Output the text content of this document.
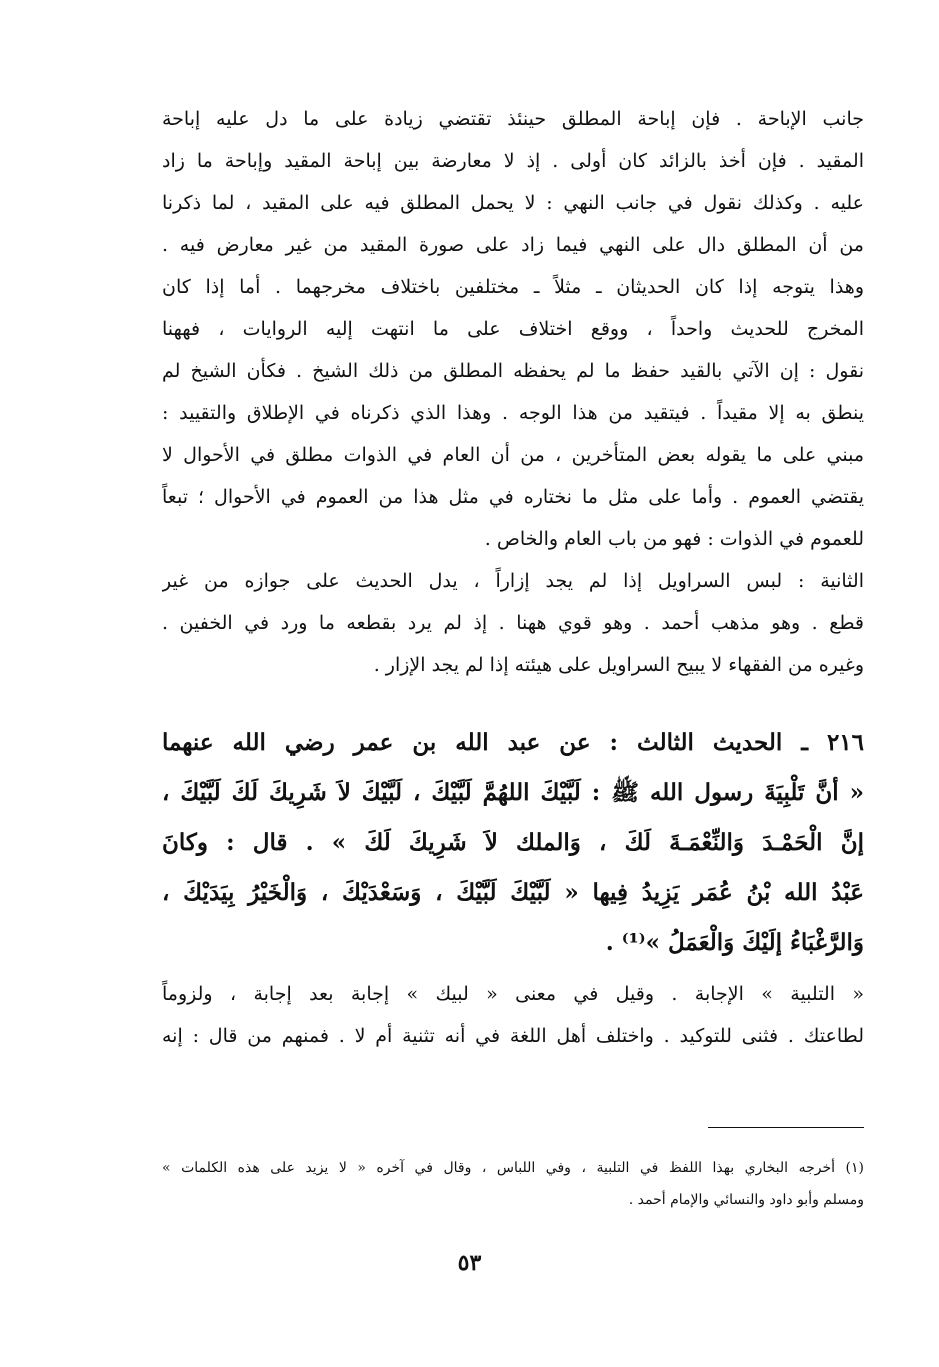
جانب الإباحة . فإن إباحة المطلق حينئذ تقتضي زيادة على ما دل عليه إباحة
المقيد . فإن أخذ بالزائد كان أولى . إذ لا معارضة بين إباحة المقيد وإباحة ما زاد
عليه . وكذلك نقول في جانب النهي : لا يحمل المطلق فيه على المقيد ، لما ذكرنا
من أن المطلق دال على النهي فيما زاد على صورة المقيد من غير معارض فيه .
وهذا يتوجه إذا كان الحديثان ـ مثلاً ـ مختلفين باختلاف مخرجهما . أما إذا كان
المخرج للحديث واحداً ، ووقع اختلاف على ما انتهت إليه الروايات ، فههنا
نقول : إن الآتي بالقيد حفظ ما لم يحفظه المطلق من ذلك الشيخ . فكأن الشيخ لم
ينطق به إلا مقيداً . فيتقيد من هذا الوجه . وهذا الذي ذكرناه في الإطلاق والتقييد :
مبني على ما يقوله بعض المتأخرين ، من أن العام في الذوات مطلق في الأحوال لا
يقتضي العموم . وأما على مثل ما نختاره في مثل هذا من العموم في الأحوال ؛ تبعاً
للعموم في الذوات : فهو من باب العام والخاص .
الثانية : لبس السراويل إذا لم يجد إزاراً ، يدل الحديث على جوازه من غير
قطع . وهو مذهب أحمد . وهو قوي ههنا . إذ لم يرد بقطعه ما ورد في الخفين .
وغيره من الفقهاء لا يبيح السراويل على هيئته إذا لم يجد الإزار .
٢١٦ ـ الحديث الثالث : عن عبد الله بن عمر رضي الله عنهما
« أنَّ تَلْبِيَةَ رسول الله ﷺ : لَبَّيْكَ اللهُمَّ لَبَّيْكَ ، لَبَّيْكَ لاَ شَرِيكَ لَكَ لَبَّيْكَ ،
إنَّ الْحَمْـدَ وَالنِّعْمَـةَ لَكَ ، وَالملك لاَ شَرِيكَ لَكَ » . قال : وكانَ
عَبْدُ الله بْنُ عُمَر يَزِيدُ فِيها « لَبَّيْكَ لَبَّيْكَ ، وَسَعْدَيْكَ ، وَالْخَيْرُ بِيَدَيْكَ ،
وَالرَّغْبَاءُ إلَيْكَ وَالْعَمَلُ »⁽¹⁾ .
« التلبية » الإجابة . وقيل في معنى « لبيك » إجابة بعد إجابة ، ولزوماً
لطاعتك . فثنى للتوكيد . واختلف أهل اللغة في أنه تثنية أم لا . فمنهم من قال : إنه
(١) أخرجه البخاري بهذا اللفظ في التلبية ، وفي اللباس ، وقال في آخره « لا يزيد على هذه الكلمات »
ومسلم وأبو داود والنسائي والإمام أحمد .
٥٣
